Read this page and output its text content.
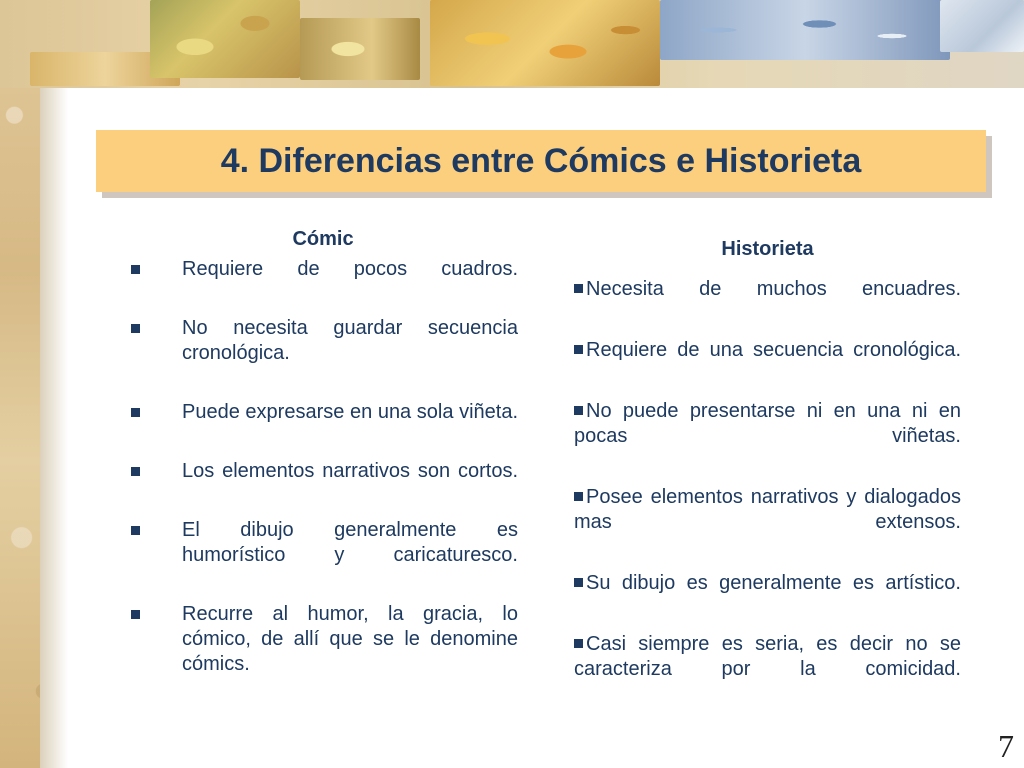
4. Diferencias entre Cómics e Historieta
Cómic
Requiere de pocos cuadros.
No necesita guardar secuencia cronológica.
Puede expresarse en una sola viñeta.
Los elementos narrativos son cortos.
El dibujo generalmente es humorístico y caricaturesco.
Recurre al humor, la gracia, lo cómico, de allí que se le denomine cómics.
Historieta
Necesita de muchos encuadres.
Requiere de una secuencia cronológica.
No puede presentarse ni en una ni en pocas viñetas.
Posee elementos narrativos y dialogados mas extensos.
Su dibujo es generalmente es artístico.
Casi siempre es seria, es decir no se caracteriza por la comicidad.
7
